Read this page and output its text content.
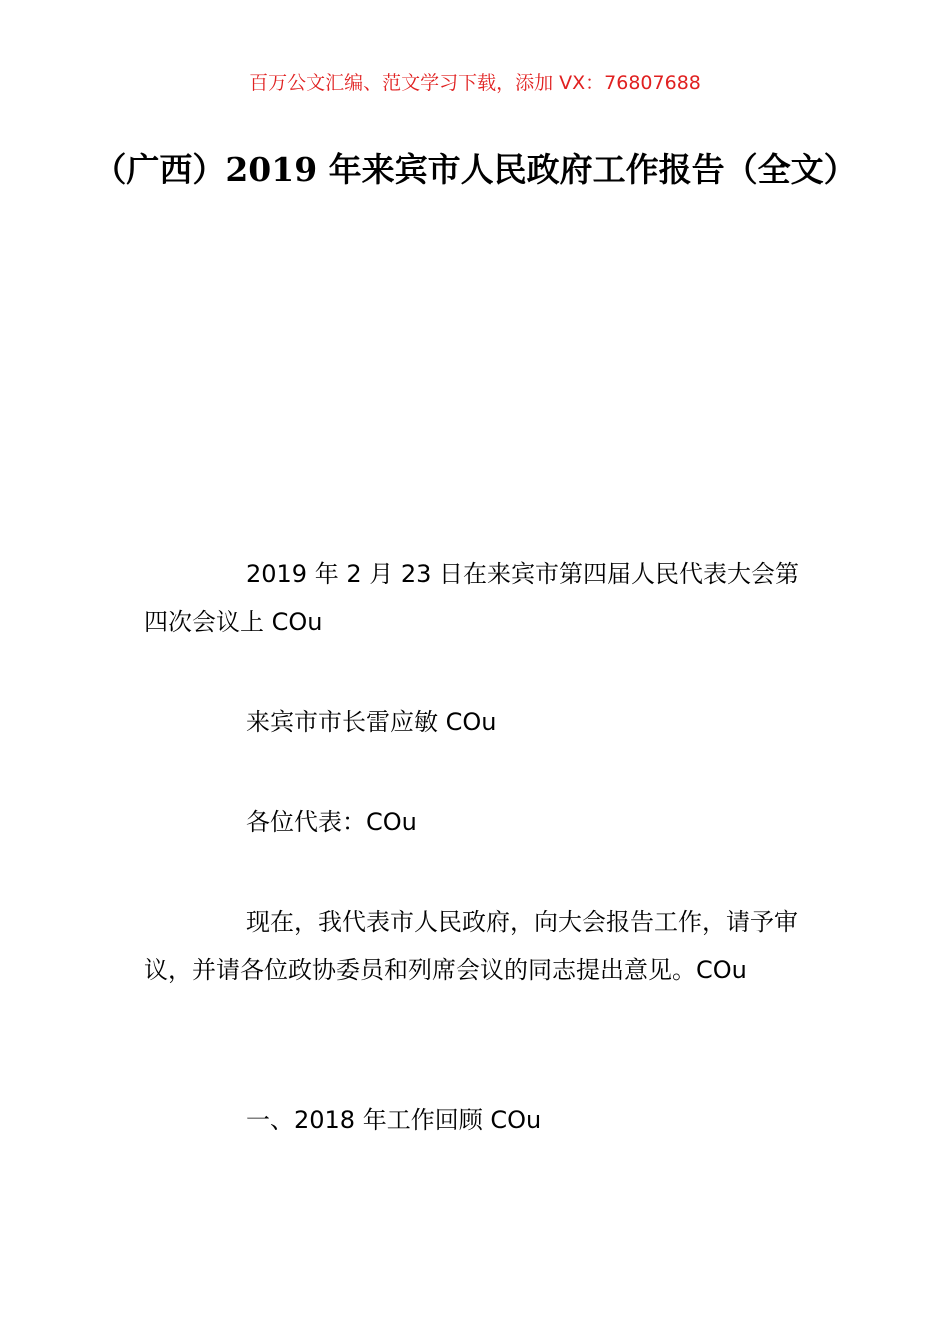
百万公文汇编、范文学习下载，添加 VX：76807688
（广西）2019 年来宾市人民政府工作报告（全文）

2019 年 2 月 23 日在来宾市第四届人民代表大会第四次会议上 COu

来宾市市长雷应敏 COu

各位代表：COu

现在，我代表市人民政府，向大会报告工作，请予审议，并请各位政协委员和列席会议的同志提出意见。COu

一、2018 年工作回顾 COu
